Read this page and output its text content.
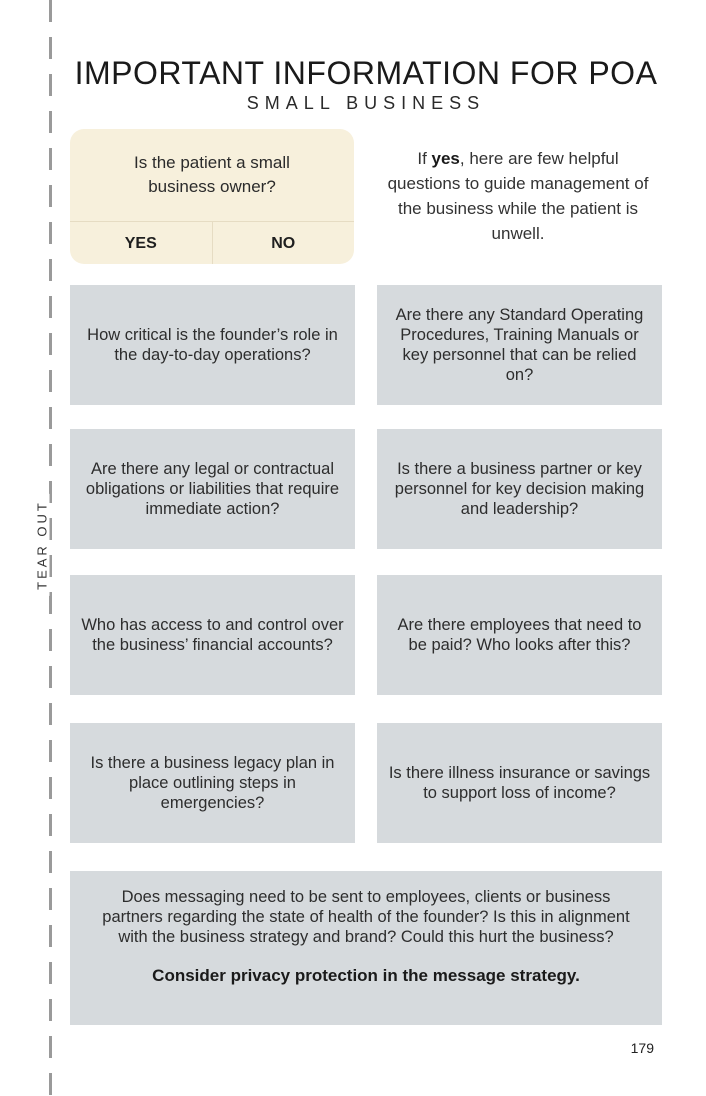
TEAR OUT
IMPORTANT INFORMATION FOR POA
SMALL BUSINESS
Is the patient a small business owner?
YES	NO
If yes, here are few helpful questions to guide management of the business while the patient is unwell.
How critical is the founder’s role in the day-to-day operations?
Are there any Standard Operating Procedures, Training Manuals or key personnel that can be relied on?
Are there any legal or contractual obligations or liabilities that require immediate action?
Is there a business partner or key personnel for key decision making and leadership?
Who has access to and control over the business’ financial accounts?
Are there employees that need to be paid? Who looks after this?
Is there a business legacy plan in place outlining steps in emergencies?
Is there illness insurance or savings to support loss of income?
Does messaging need to be sent to employees, clients or business partners regarding the state of health of the founder? Is this in alignment with the business strategy and brand? Could this hurt the business?
Consider privacy protection in the message strategy.
179
